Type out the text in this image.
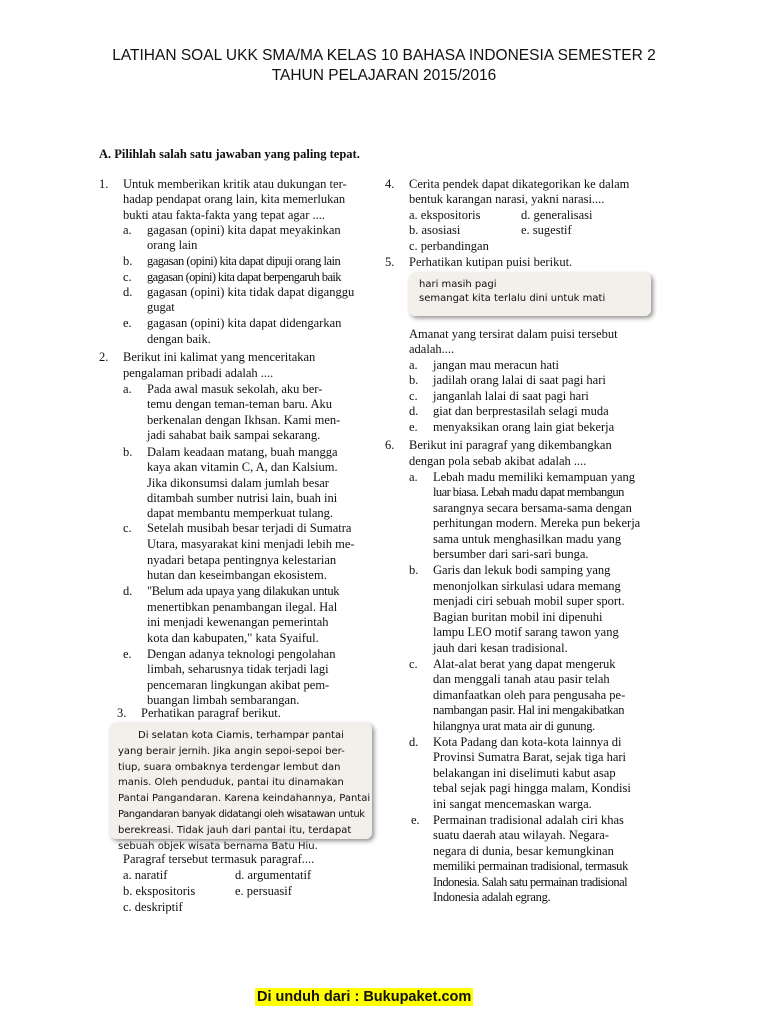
LATIHAN SOAL UKK SMA/MA KELAS 10 BAHASA INDONESIA SEMESTER 2
TAHUN PELAJARAN 2015/2016
A. Pilihlah salah satu jawaban yang paling tepat.
1. Untuk memberikan kritik atau dukungan ter-
hadap pendapat orang lain, kita memerlukan
bukti atau fakta-fakta yang tepat agar ....
a. gagasan (opini) kita dapat meyakinkan
orang lain
b. gagasan (opini) kita dapat dipuji orang lain
c. gagasan (opini) kita dapat berpengaruh baik
d. gagasan (opini) kita tidak dapat diganggu
gugat
e. gagasan (opini) kita dapat didengarkan
dengan baik.
2. Berikut ini kalimat yang menceritakan
pengalaman pribadi adalah ....
a. Pada awal masuk sekolah, aku ber-
temu dengan teman-teman baru. Aku
berkenalan dengan Ikhsan. Kami men-
jadi sahabat baik sampai sekarang.
b. Dalam keadaan matang, buah mangga
kaya akan vitamin C, A, dan Kalsium.
Jika dikonsumsi dalam jumlah besar
ditambah sumber nutrisi lain, buah ini
dapat membantu memperkuat tulang.
c. Setelah musibah besar terjadi di Sumatra
Utara, masyarakat kini menjadi lebih me-
nyadari betapa pentingnya kelestarian
hutan dan keseimbangan ekosistem.
d. "Belum ada upaya yang dilakukan untuk
menertibkan penambangan ilegal. Hal
ini menjadi kewenangan pemerintah
kota dan kabupaten," kata Syaiful.
e. Dengan adanya teknologi pengolahan
limbah, seharusnya tidak terjadi lagi
pencemaran lingkungan akibat pem-
buangan limbah sembarangan.
3. Perhatikan paragraf berikut.
Di selatan kota Ciamis, terhampar pantai
yang berair jernih. Jika angin sepoi-sepoi ber-
tiup, suara ombaknya terdengar lembut dan
manis. Oleh penduduk, pantai itu dinamakan
Pantai Pangandaran. Karena keindahannya, Pantai
Pangandaran banyak didatangi oleh wisatawan untuk
berekreasi. Tidak jauh dari pantai itu, terdapat
sebuah objek wisata bernama Batu Hiu.
Paragraf tersebut termasuk paragraf....
a. naratif	d. argumentatif
b. ekspositoris	e. persuasif
c. deskriptif
4. Cerita pendek dapat dikategorikan ke dalam
bentuk karangan narasi, yakni narasi....
a. ekspositoris	d. generalisasi
b. asosiasi	e. sugestif
c. perbandingan
5. Perhatikan kutipan puisi berikut.
hari masih pagi
semangat kita terlalu dini untuk mati
Amanat yang tersirat dalam puisi tersebut
adalah....
a. jangan mau meracun hati
b. jadilah orang lalai di saat pagi hari
c. janganlah lalai di saat pagi hari
d. giat dan berprestasilah selagi muda
e. menyaksikan orang lain giat bekerja
6. Berikut ini paragraf yang dikembangkan
dengan pola sebab akibat adalah ....
a. Lebah madu memiliki kemampuan yang
luar biasa. Lebah madu dapat membangun
sarangnya secara bersama-sama dengan
perhitungan modern. Mereka pun bekerja
sama untuk menghasilkan madu yang
bersumber dari sari-sari bunga.
b. Garis dan lekuk bodi samping yang
menonjolkan sirkulasi udara memang
menjadi ciri sebuah mobil super sport.
Bagian buritan mobil ini dipenuhi
lampu LEO motif sarang tawon yang
jauh dari kesan tradisional.
c. Alat-alat berat yang dapat mengeruk
dan menggali tanah atau pasir telah
dimanfaatkan oleh para pengusaha pe-
nambangan pasir. Hal ini mengakibatkan
hilangnya urat mata air di gunung.
d. Kota Padang dan kota-kota lainnya di
Provinsi Sumatra Barat, sejak tiga hari
belakangan ini diselimuti kabut asap
tebal sejak pagi hingga malam, Kondisi
ini sangat mencemaskan warga.
e. Permainan tradisional adalah ciri khas
suatu daerah atau wilayah. Negara-
negara di dunia, besar kemungkinan
memiliki permainan tradisional, termasuk
Indonesia. Salah satu permainan tradisional
Indonesia adalah egrang.
Di unduh dari : Bukupaket.com
